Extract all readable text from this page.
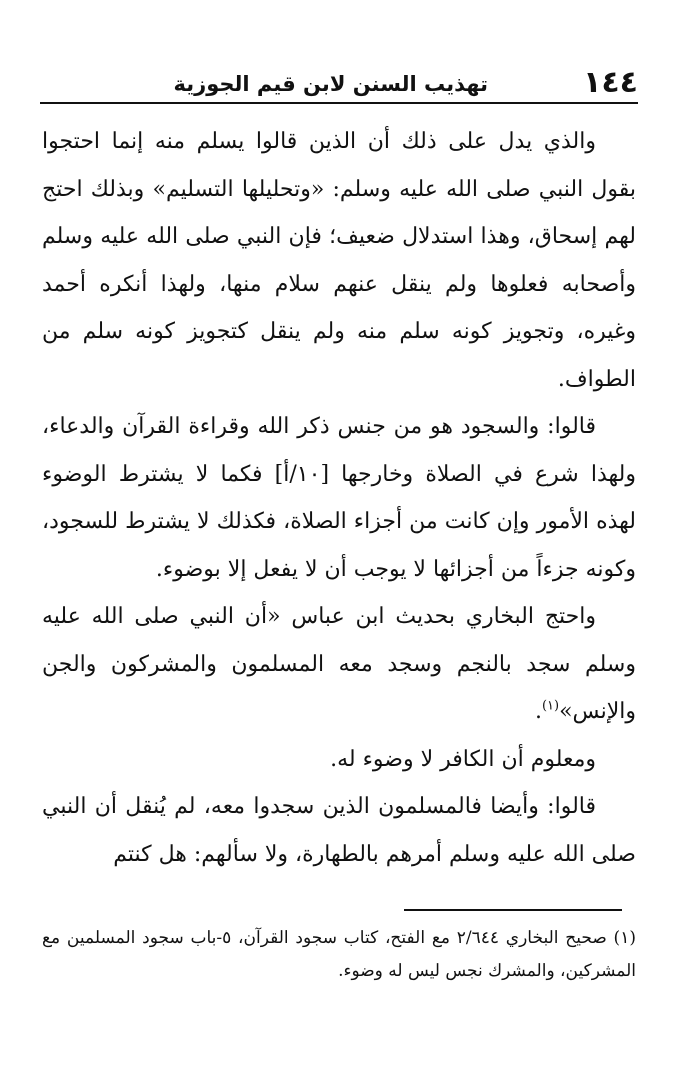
١٤٤
تهذيب السنن لابن قيم الجوزية

والذي يدل على ذلك أن الذين قالوا يسلم منه إنما احتجوا بقول النبي صلى الله عليه وسلم: «وتحليلها التسليم» وبذلك احتج لهم إسحاق، وهذا استدلال ضعيف؛ فإن النبي صلى الله عليه وسلم وأصحابه فعلوها ولم ينقل عنهم سلام منها، ولهذا أنكره أحمد وغيره، وتجويز كونه سلم منه ولم ينقل كتجويز كونه سلم من الطواف.

قالوا: والسجود هو من جنس ذكر الله وقراءة القرآن والدعاء، ولهذا شرع في الصلاة وخارجها [١٠/أ] فكما لا يشترط الوضوء لهذه الأمور وإن كانت من أجزاء الصلاة، فكذلك لا يشترط للسجود، وكونه جزءاً من أجزائها لا يوجب أن لا يفعل إلا بوضوء.

واحتج البخاري بحديث ابن عباس «أن النبي صلى الله عليه وسلم سجد بالنجم وسجد معه المسلمون والمشركون والجن والإنس»$^{(١)}$.

ومعلوم أن الكافر لا وضوء له.

قالوا: وأيضا فالمسلمون الذين سجدوا معه، لم يُنقل أن النبي صلى الله عليه وسلم أمرهم بالطهارة، ولا سألهم: هل كنتم

(١) صحيح البخاري ٢/٦٤٤ مع الفتح، كتاب سجود القرآن، ٥-باب سجود المسلمين مع المشركين، والمشرك نجس ليس له وضوء.
